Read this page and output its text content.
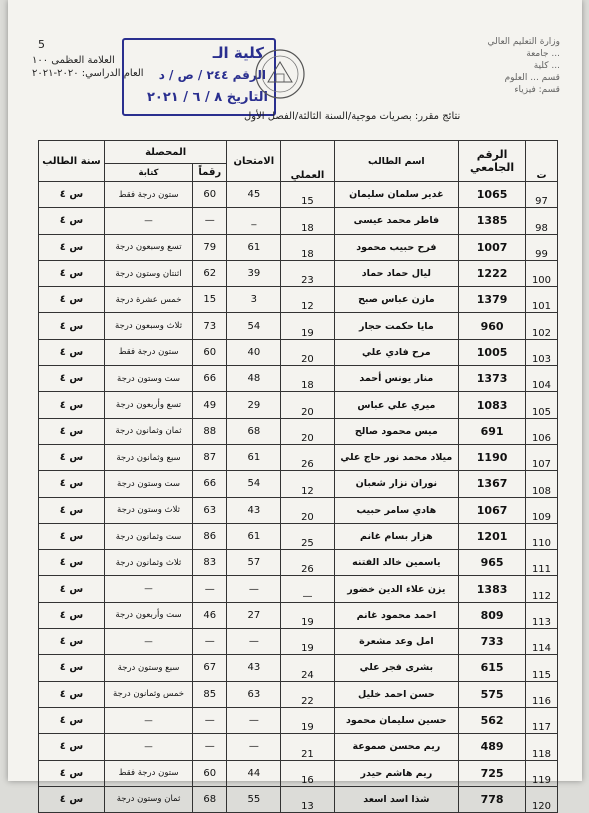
5
العلامة العظمى ١٠٠
العام الدراسي: ٢٠٢٠-٢٠٢١
وزارة التعليم العالي
جامعة ...
كلية ...
قسم ... العلوم
قسم: فيزياء
كلية الـ
الرقم ٢٤٤ / ص / د
التاريخ ٨ / ٦ / ٢٠٢١
نتائج مقرر: بصريات موجية/السنة الثالثة/الفصل الأول
ت	الرقم الجامعي	اسم الطالب	العملي	الامتحان	المحصلة		سنة الطالب
					رقماً	كتابة	
97	1065	غدير سلمان سليمان	15	45	60	ستون درجة فقط	س ٤
98	1385	فاطر محمد عيسى	18	_	—	—	س ٤
99	1007	فرح حبيب محمود	18	61	79	تسع وسبعون درجة	س ٤
100	1222	ليال حماد حماد	23	39	62	اثنتان وستون درجة	س ٤
101	1379	مازن عباس صبح	12	3	15	خمس عشرة درجة	س ٤
102	960	مايا حكمت حجار	19	54	73	ثلاث وسبعون درجة	س ٤
103	1005	مرح فادي علي	20	40	60	ستون درجة فقط	س ٤
104	1373	منار يونس أحمد	18	48	66	ست وستون درجة	س ٤
105	1083	ميري علي عباس	20	29	49	تسع وأربعون درجة	س ٤
106	691	ميس محمود صالح	20	68	88	ثمان وثمانون درجة	س ٤
107	1190	ميلاد محمد نور حاج علي	26	61	87	سبع وثمانون درجة	س ٤
108	1367	نوران نزار شعبان	12	54	66	ست وستون درجة	س ٤
109	1067	هادي سامر حبيب	20	43	63	ثلاث وستون درجة	س ٤
110	1201	هزار بسام غانم	25	61	86	ست وثمانون درجة	س ٤
111	965	ياسمين خالد الفتنه	26	57	83	ثلاث وثمانون درجة	س ٤
112	1383	يزن علاء الدين خضور	—	—	—	—	س ٤
113	809	احمد محمود غانم	19	27	46	ست وأربعون درجة	س ٤
114	733	امل وعد مشعرة	19	—	—	—	س ٤
115	615	بشرى فجر علي	24	43	67	سبع وستون درجة	س ٤
116	575	حسن احمد خليل	22	63	85	خمس وثمانون درجة	س ٤
117	562	حسين سليمان محمود	19	—	—	—	س ٤
118	489	ريم محسن صموعة	21	—	—	—	س ٤
119	725	ريم هاشم حيدر	16	44	60	ستون درجة فقط	س ٤
120	778	شذا اسد اسعد	13	55	68	ثمان وستون درجة	س ٤
